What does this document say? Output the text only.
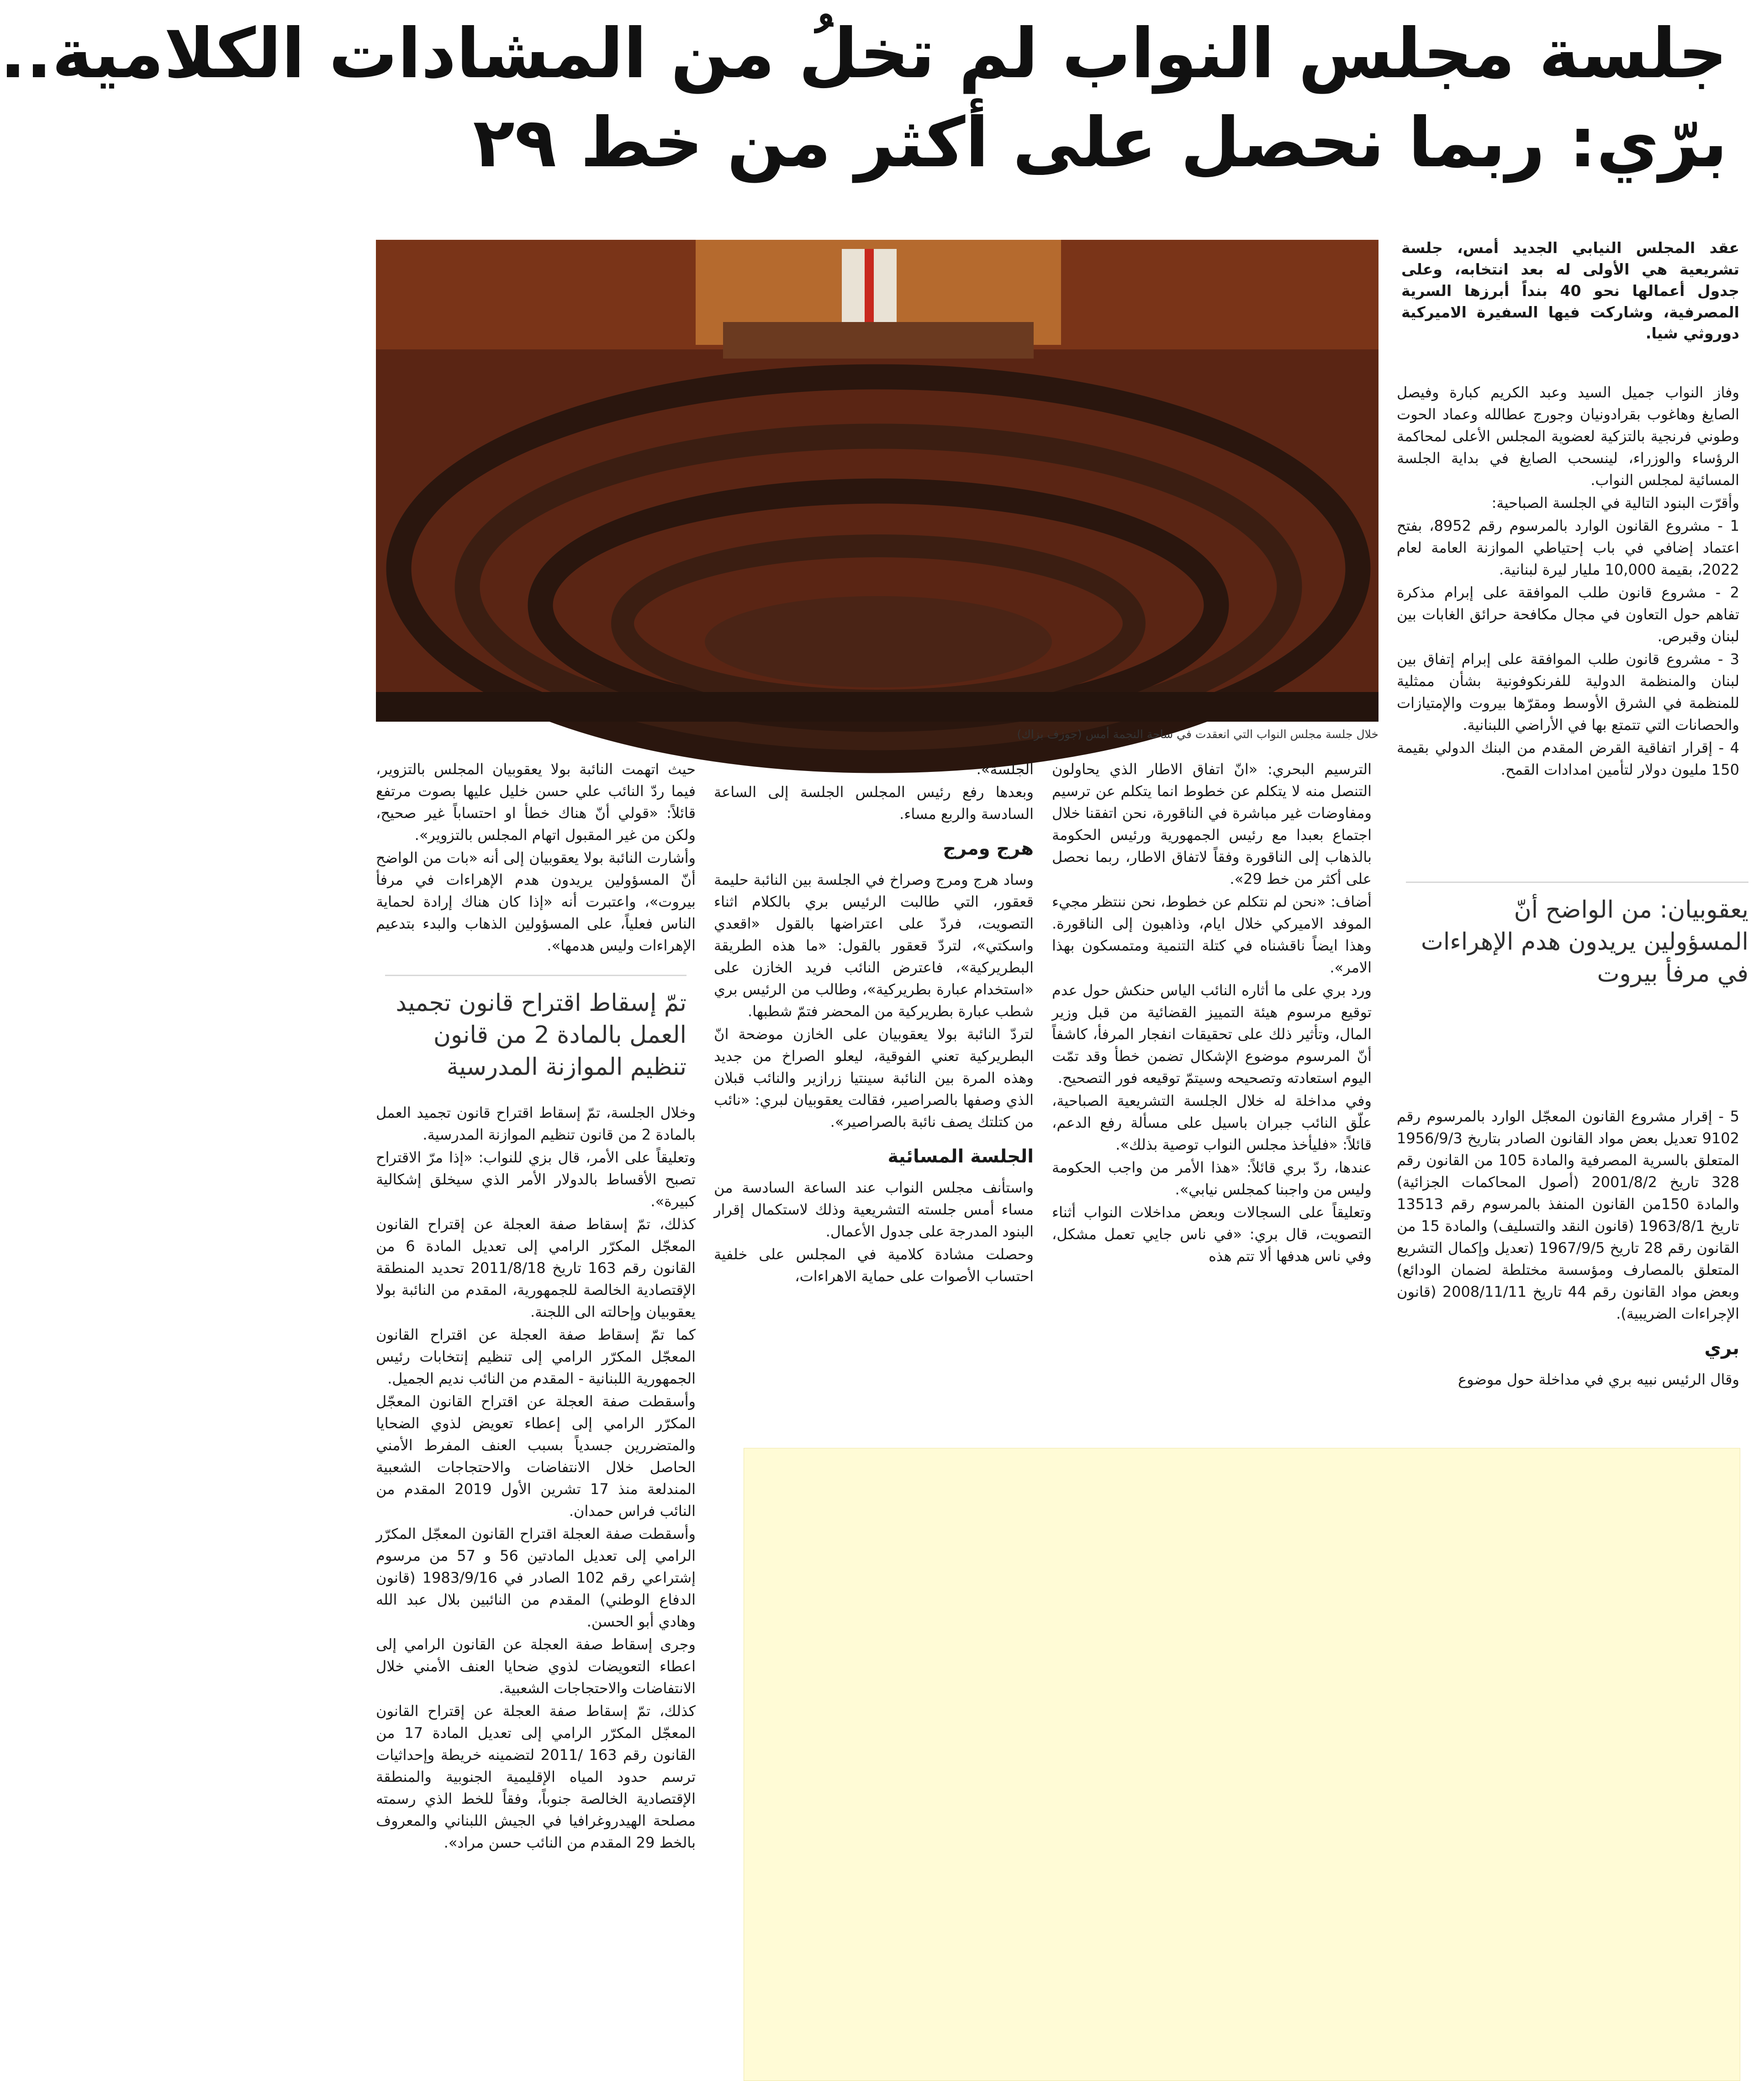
جلسة مجلس النواب لم تخلُ من المشادات الكلامية..
برّي: ربما نحصل على أكثر من خط ٢٩
خلال جلسة مجلس النواب التي انعقدت في ساحة النجمة أمس (جوزف بزاك)
عقد المجلس النيابي الجديد أمس، جلسة تشريعية هي الأولى له بعد انتخابه، وعلى جدول أعمالها نحو 40 بنداً أبرزها السرية المصرفية، وشاركت فيها السفيرة الاميركية دوروثي شيا.

وفاز النواب جميل السيد وعبد الكريم كبارة وفيصل الصايغ وهاغوب بقرادونيان وجورج عطالله وعماد الحوت وطوني فرنجية بالتزكية لعضوية المجلس الأعلى لمحاكمة الرؤساء والوزراء، لينسحب الصايغ في بداية الجلسة المسائية لمجلس النواب.

وأقرّت البنود التالية في الجلسة الصباحية:

1 - مشروع القانون الوارد بالمرسوم رقم 8952، بفتح اعتماد إضافي في باب إحتياطي الموازنة العامة لعام 2022، بقيمة 10,000 مليار ليرة لبنانية.

2 - مشروع قانون طلب الموافقة على إبرام مذكرة تفاهم حول التعاون في مجال مكافحة حرائق الغابات بين لبنان وقبرص.

3 - مشروع قانون طلب الموافقة على إبرام إتفاق بين لبنان والمنظمة الدولية للفرنكوفونية بشأن ممثلية للمنظمة في الشرق الأوسط ومقرّها بيروت والإمتيازات والحصانات التي تتمتع بها في الأراضي اللبنانية.

4 - إقرار اتفاقية القرض المقدم من البنك الدولي بقيمة 150 مليون دولار لتأمين امدادات القمح.

يعقوبيان: من الواضح أنّ المسؤولين يريدون هدم الإهراءات في مرفأ بيروت

5 - إقرار مشروع القانون المعجّل الوارد بالمرسوم رقم 9102 تعديل بعض مواد القانون الصادر بتاريخ 1956/9/3 المتعلق بالسرية المصرفية والمادة 105 من القانون رقم 328 تاريخ 2001/8/2 (أصول المحاكمات الجزائية) والمادة 150من القانون المنفذ بالمرسوم رقم 13513 تاريخ 1963/8/1 (قانون النقد والتسليف) والمادة 15 من القانون رقم 28 تاريخ 1967/9/5 (تعديل وإكمال التشريع المتعلق بالمصارف ومؤسسة مختلطة لضمان الودائع) وبعض مواد القانون رقم 44 تاريخ 2008/11/11 (قانون الإجراءات الضريبية).

بري

وقال الرئيس نبيه بري في مداخلة حول موضوع

الترسيم البحري: «انّ اتفاق الاطار الذي يحاولون التنصل منه لا يتكلم عن خطوط انما يتكلم عن ترسيم ومفاوضات غير مباشرة في الناقورة، نحن اتفقنا خلال اجتماع بعبدا مع رئيس الجمهورية ورئيس الحكومة بالذهاب إلى الناقورة وفقاً لاتفاق الاطار، ربما نحصل على أكثر من خط 29».

أضاف: «نحن لم نتكلم عن خطوط، نحن ننتظر مجيء الموفد الاميركي خلال ايام، وذاهبون إلى الناقورة. وهذا ايضاً ناقشناه في كتلة التنمية ومتمسكون بهذا الامر».

ورد بري على ما أثاره النائب الياس حنكش حول عدم توقيع مرسوم هيئة التمييز القضائية من قبل وزير المال، وتأثير ذلك على تحقيقات انفجار المرفأ، كاشفاً أنّ المرسوم موضوع الإشكال تضمن خطأ وقد تمّت اليوم استعادته وتصحيحه وسيتمّ توقيعه فور التصحيح.

وفي مداخلة له خلال الجلسة التشريعية الصباحية، علّق النائب جبران باسيل على مسألة رفع الدعم، قائلاً: «فليأخذ مجلس النواب توصية بذلك».

عندها، ردّ بري قائلاً: «هذا الأمر من واجب الحكومة وليس من واجبنا كمجلس نيابي».

وتعليقاً على السجالات وبعض مداخلات النواب أثناء التصويت، قال بري: «في ناس جايي تعمل مشكل، وفي ناس هدفها ألا تتم هذه

الجلسة».

وبعدها رفع رئيس المجلس الجلسة إلى الساعة السادسة والربع مساء.

هرج ومرج

وساد هرج ومرج وصراخ في الجلسة بين النائبة حليمة قعقور، التي طالبت الرئيس بري بالكلام اثناء التصويت، فردّ على اعتراضها بالقول «اقعدي واسكتي»، لتردّ قعقور بالقول: «ما هذه الطريقة البطريركية»، فاعترض النائب فريد الخازن على «استخدام عبارة بطريركية»، وطالب من الرئيس بري شطب عبارة بطريركية من المحضر فتمّ شطبها.

لتردّ النائبة بولا يعقوبيان على الخازن موضحة انّ البطريركية تعني الفوقية، ليعلو الصراخ من جديد وهذه المرة بين النائبة سينتيا زرازير والنائب قبلان الذي وصفها بالصراصير، فقالت يعقوبيان لبري: «نائب من كتلتك يصف نائبة بالصراصير».

الجلسة المسائية

واستأنف مجلس النواب عند الساعة السادسة من مساء أمس جلسته التشريعية وذلك لاستكمال إقرار البنود المدرجة على جدول الأعمال.

وحصلت مشادة كلامية في المجلس على خلفية احتساب الأصوات على حماية الاهراءات،

حيث اتهمت النائبة بولا يعقوبيان المجلس بالتزوير، فيما ردّ النائب علي حسن خليل عليها بصوت مرتفع قائلاً: «قولي أنّ هناك خطأ او احتساباً غير صحيح، ولكن من غير المقبول اتهام المجلس بالتزوير».

وأشارت النائبة بولا يعقوبيان إلى أنه «بات من الواضح أنّ المسؤولين يريدون هدم الإهراءات في مرفأ بيروت»، واعتبرت أنه «إذا كان هناك إرادة لحماية الناس فعلياً، على المسؤولين الذهاب والبدء بتدعيم الإهراءات وليس هدمها».

تمّ إسقاط اقتراح قانون تجميد العمل بالمادة 2 من قانون تنظيم الموازنة المدرسية

وخلال الجلسة، تمّ إسقاط اقتراح قانون تجميد العمل بالمادة 2 من قانون تنظيم الموازنة المدرسية.

وتعليقاً على الأمر، قال بزي للنواب: «إذا مرّ الاقتراح تصبح الأقساط بالدولار الأمر الذي سيخلق إشكالية كبيرة».

كذلك، تمّ إسقاط صفة العجلة عن إقتراح القانون المعجّل المكرّر الرامي إلى تعديل المادة 6 من القانون رقم 163 تاريخ 2011/8/18 تحديد المنطقة الإقتصادية الخالصة للجمهورية، المقدم من النائبة بولا يعقوبيان وإحالته الى اللجنة.

كما تمّ إسقاط صفة العجلة عن اقتراح القانون المعجّل المكرّر الرامي إلى تنظيم إنتخابات رئيس الجمهورية اللبنانية - المقدم من النائب نديم الجميل.

وأسقطت صفة العجلة عن اقتراح القانون المعجّل المكرّر الرامي إلى إعطاء تعويض لذوي الضحايا والمتضررين جسدياً بسبب العنف المفرط الأمني الحاصل خلال الانتفاضات والاحتجاجات الشعبية المندلعة منذ 17 تشرين الأول 2019 المقدم من النائب فراس حمدان.

وأسقطت صفة العجلة اقتراح القانون المعجّل المكرّر الرامي إلى تعديل المادتين 56 و 57 من مرسوم إشتراعي رقم 102 الصادر في 1983/9/16 (قانون الدفاع الوطني) المقدم من النائبين بلال عبد الله وهادي أبو الحسن.

وجرى إسقاط صفة العجلة عن القانون الرامي إلى اعطاء التعويضات لذوي ضحايا العنف الأمني خلال الانتفاضات والاحتجاجات الشعبية.

كذلك، تمّ إسقاط صفة العجلة عن إقتراح القانون المعجّل المكرّر الرامي إلى تعديل المادة 17 من القانون رقم 163 /2011 لتضمينه خريطة وإحداثيات ترسم حدود المياه الإقليمية الجنوبية والمنطقة الإقتصادية الخالصة جنوباً، وفقاً للخط الذي رسمته مصلحة الهيدروغرافيا في الجيش اللبناني والمعروف بالخط 29 المقدم من النائب حسن مراد».
